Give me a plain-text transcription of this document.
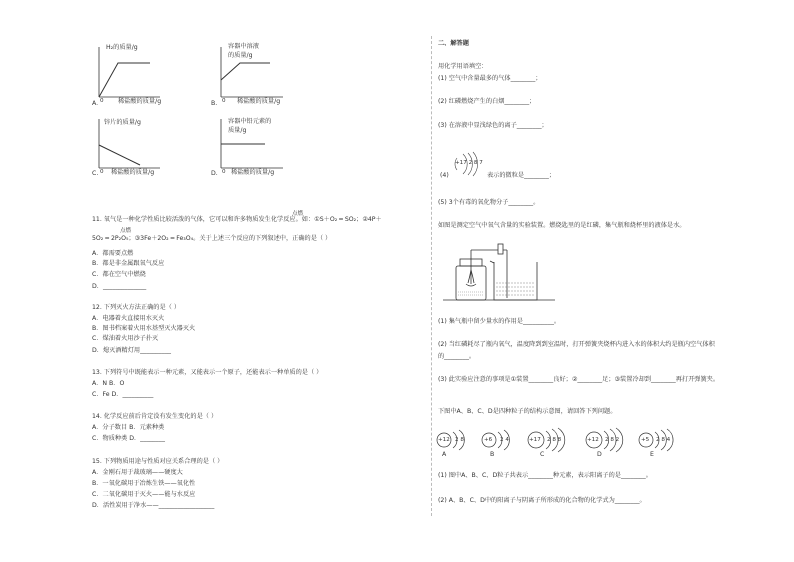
H₂的质量/g
0
A.	稀盐酸的质量/g
容器中溶液
的质量/g
0
B.	稀盐酸的质量/g
锌片的质量/g
0
C. 稀盐酸的质量/g
容器中铅元素的
质量/g
0
D. 稀盐酸的质量/g
点燃
11. 氧气是一种化学性质比较活泼的气体，它可以和许多物质发生化学反应。如：①S＋O₂ ═ SO₂；②4P＋
点燃
5O₂ ═ 2P₂O₅；③3Fe＋2O₂ ═ Fe₃O₄。关于上述三个反应的下列叙述中，正确的是（ ）
A．都需要点燃
B．都是非金属跟氧气反应
C．都在空气中燃烧
D．______________
12. 下列灭火方法正确的是（ ）
A．电器着火直接用水灭火
B．图书档案着火用水基型灭火器灭火
C．煤油着火用沙子扑灭
D．熄灭酒精灯用__________
13. 下列符号中既能表示一种元素，又能表示一个原子，还能表示一种单质的是（ ）
A．N B．O
C．Fe D．__________
14. 化学反应前后肯定没有发生变化的是（ ）
A．分子数目 B．元素种类
C．物质种类 D．________
15. 下列物质用途与性质对应关系合理的是（ ）
A．金刚石用于裁玻璃——硬度大
B．一氧化碳用于冶炼生铁——氧化性
C．二氧化碳用于灭火——能与水反应
D．活性炭用于净水——__________________
二、解答题
用化学用语填空：
(1) 空气中含量最多的气体________；
(2) 红磷燃烧产生的白烟________；
(3) 在溶液中显浅绿色的离子________；
+17 2 8 7
(4)	表示的微粒是________；
(5) 3个有毒的氧化物分子________。
如图是测定空气中氧气含量的实验装置。燃烧匙里的是红磷，集气瓶和烧杯里的液体是水。
(1) 集气瓶中留少量水的作用是__________。
(2) 当红磷耗尽了瓶内氧气，温度降到到室温时，打开弹簧夹烧杯内进入水的体积大约是瓶内空气体积
的________。
(3) 此实验应注意的事项是①装置________良好；②________足；③装置冷却到________再打开弹簧夹。
下图中A、B、C、D是四种粒子的结构示意图，请回答下列问题。
+12 2 8
A
+6 2 4
B
+17 2 8 8
C
+12 2 8 2
D
+5 2 8 4
E
(1) 图中A、B、C、D粒子共表示________种元素，表示阳离子的是________。
(2) A、B、C、D中的阳离子与阴离子所形成的化合物的化学式为________。
